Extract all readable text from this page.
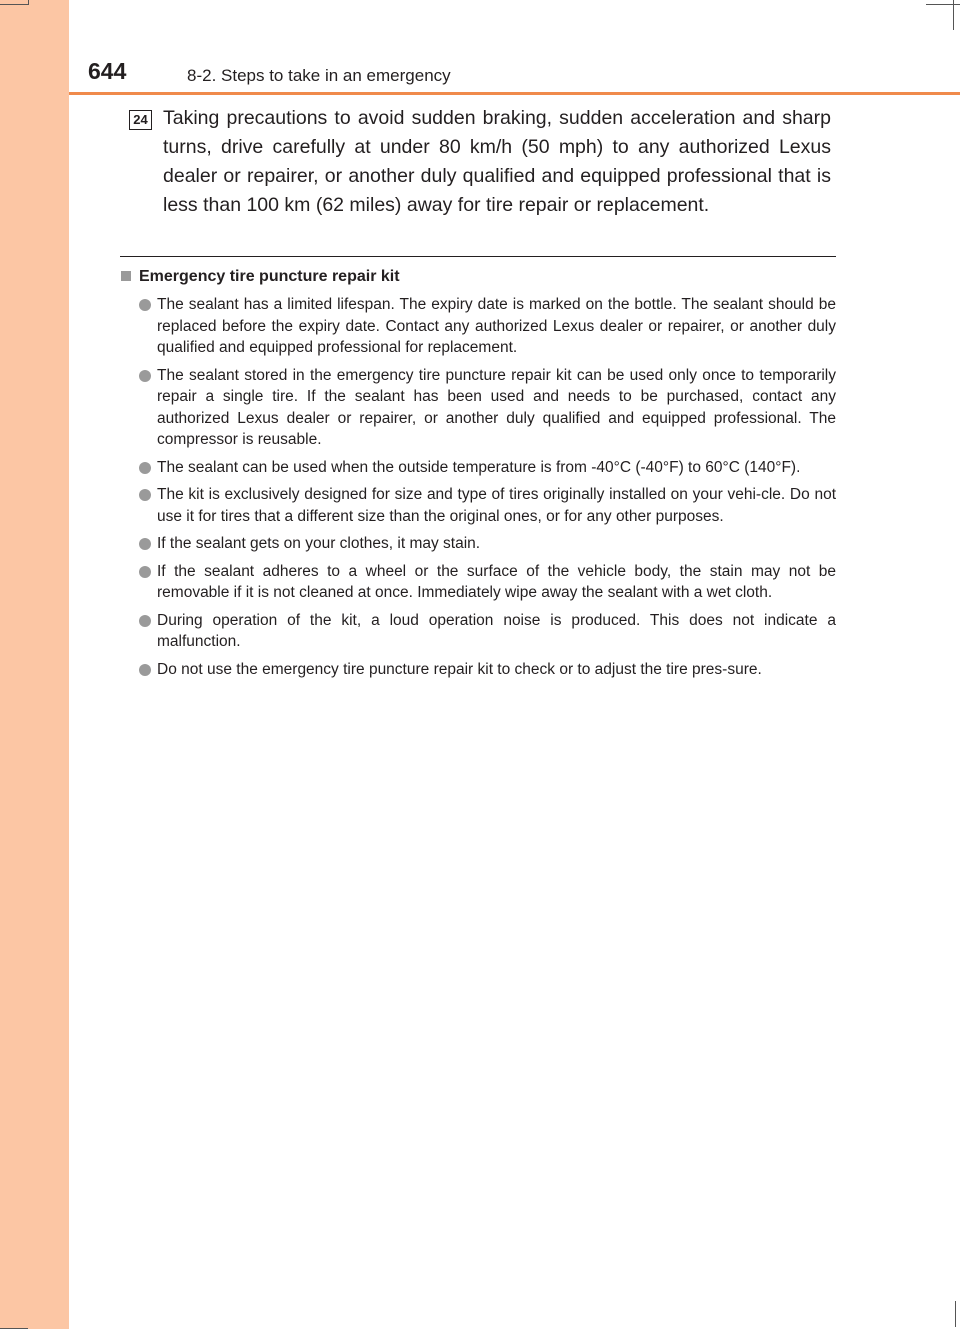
644	8-2. Steps to take in an emergency
24 Taking precautions to avoid sudden braking, sudden acceleration and sharp turns, drive carefully at under 80 km/h (50 mph) to any authorized Lexus dealer or repairer, or another duly qualified and equipped professional that is less than 100 km (62 miles) away for tire repair or replacement.
Emergency tire puncture repair kit
The sealant has a limited lifespan. The expiry date is marked on the bottle. The sealant should be replaced before the expiry date. Contact any authorized Lexus dealer or repairer, or another duly qualified and equipped professional for replacement.
The sealant stored in the emergency tire puncture repair kit can be used only once to temporarily repair a single tire. If the sealant has been used and needs to be purchased, contact any authorized Lexus dealer or repairer, or another duly qualified and equipped professional. The compressor is reusable.
The sealant can be used when the outside temperature is from -40°C (-40°F) to 60°C (140°F).
The kit is exclusively designed for size and type of tires originally installed on your vehi-cle. Do not use it for tires that a different size than the original ones, or for any other purposes.
If the sealant gets on your clothes, it may stain.
If the sealant adheres to a wheel or the surface of the vehicle body, the stain may not be removable if it is not cleaned at once. Immediately wipe away the sealant with a wet cloth.
During operation of the kit, a loud operation noise is produced. This does not indicate a malfunction.
Do not use the emergency tire puncture repair kit to check or to adjust the tire pres-sure.
